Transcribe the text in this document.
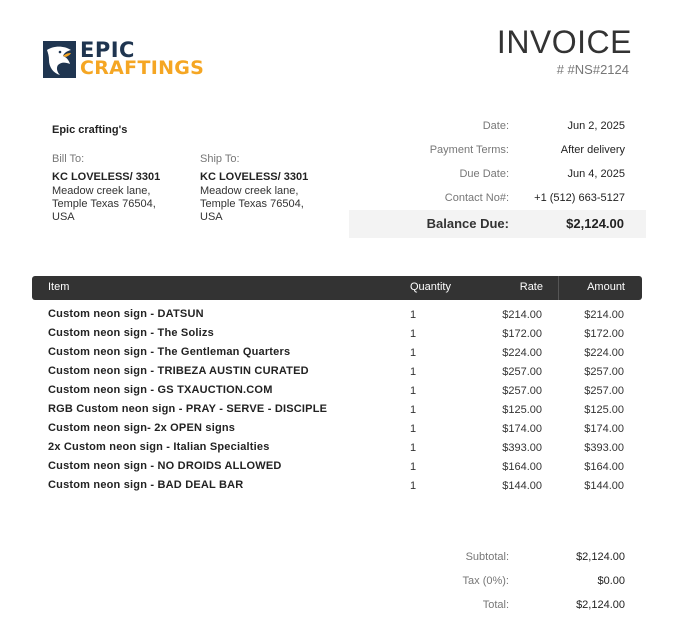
EPIC
CRAFTINGS
INVOICE
# #NS#2124
Epic crafting's
Bill To:
KC LOVELESS/ 3301
Meadow creek lane,
Temple Texas 76504,
USA
Ship To:
KC LOVELESS/ 3301
Meadow creek lane,
Temple Texas 76504,
USA
Date:	Jun 2, 2025
Payment Terms:	After delivery
Due Date:	Jun 4, 2025
Contact No#: +1 (512) 663-5127
Balance Due:	$2,124.00
Item	Quantity	Rate	Amount
Custom neon sign - DATSUN	1	$214.00	$214.00
Custom neon sign - The Solizs	1	$172.00	$172.00
Custom neon sign - The Gentleman Quarters	1	$224.00	$224.00
Custom neon sign - TRIBEZA AUSTIN CURATED	1	$257.00	$257.00
Custom neon sign - GS TXAUCTION.COM	1	$257.00	$257.00
RGB Custom neon sign - PRAY - SERVE - DISCIPLE	1	$125.00	$125.00
Custom neon sign- 2x OPEN signs	1	$174.00	$174.00
2x Custom neon sign - Italian Specialties	1	$393.00	$393.00
Custom neon sign - NO DROIDS ALLOWED	1	$164.00	$164.00
Custom neon sign - BAD DEAL BAR	1	$144.00	$144.00
Subtotal:	$2,124.00
Tax (0%):	$0.00
Total:	$2,124.00
